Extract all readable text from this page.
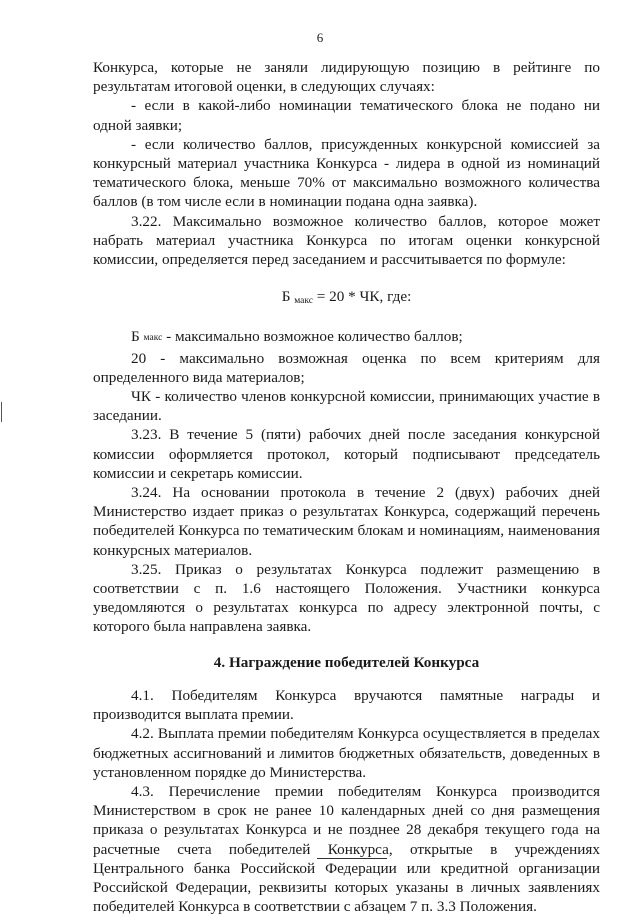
6

Конкурса, которые не заняли лидирующую позицию в рейтинге по результатам итоговой оценки, в следующих случаях:

- если в какой-либо номинации тематического блока не подано ни одной заявки;

- если количество баллов, присужденных конкурсной комиссией за конкурсный материал участника Конкурса - лидера в одной из номинаций тематического блока, меньше 70% от максимально возможного количества баллов (в том числе если в номинации подана одна заявка).

3.22. Максимально возможное количество баллов, которое может набрать материал участника Конкурса по итогам оценки конкурсной комиссии, определяется перед заседанием и рассчитывается по формуле:

Б $_{макс}$ = 20 * ЧК, где:

Б макс - максимально возможное количество баллов;

20 - максимально возможная оценка по всем критериям для определенного вида материалов;

ЧК - количество членов конкурсной комиссии, принимающих участие в заседании.

3.23. В течение 5 (пяти) рабочих дней после заседания конкурсной комиссии оформляется протокол, который подписывают председатель комиссии и секретарь комиссии.

3.24. На основании протокола в течение 2 (двух) рабочих дней Министерство издает приказ о результатах Конкурса, содержащий перечень победителей Конкурса по тематическим блокам и номинациям, наименования конкурсных материалов.

3.25. Приказ о результатах Конкурса подлежит размещению в соответствии с п. 1.6 настоящего Положения. Участники конкурса уведомляются о результатах конкурса по адресу электронной почты, с которого была направлена заявка.

4. Награждение победителей Конкурса

4.1. Победителям Конкурса вручаются памятные награды и производится выплата премии.

4.2. Выплата премии победителям Конкурса осуществляется в пределах бюджетных ассигнований и лимитов бюджетных обязательств, доведенных в установленном порядке до Министерства.

4.3. Перечисление премии победителям Конкурса производится Министерством в срок не ранее 10 календарных дней со дня размещения приказа о результатах Конкурса и не позднее 28 декабря текущего года на расчетные счета победителей Конкурса, открытые в учреждениях Центрального банка Российской Федерации или кредитной организации Российской Федерации, реквизиты которых указаны в личных заявлениях победителей Конкурса в соответствии с абзацем 7 п. 3.3 Положения.
